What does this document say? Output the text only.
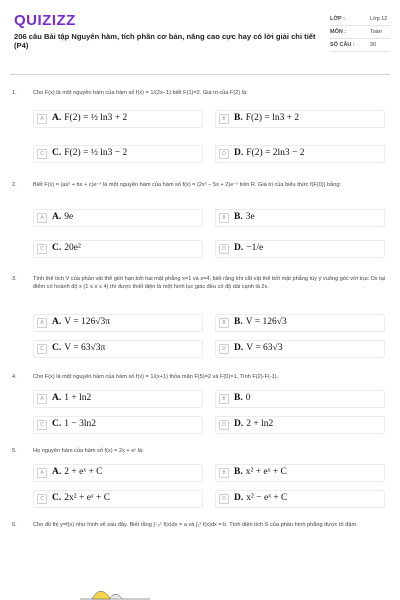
QUIZIZZ
206 câu Bài tập Nguyên hàm, tích phân cơ bản, nâng cao cực hay có lời giải chi tiết (P4)
LỚP :	Lớp 12
MÔN :	Toán
SỐ CÂU :	30
1.	Cho F(x) là một nguyên hàm của hàm số f(x) = 1/(2x−1) biết F(1)=2. Giá trị của F(2) là:
A A. F(2) = ½ ln3 + 2	B B. F(2) = ln3 + 2
C C. F(2) = ½ ln3 − 2	D D. F(2) = 2ln3 − 2
2.	Biết F(x) = (ax² + bx + c)e⁻ˣ là một nguyên hàm của hàm số f(x) = (2x² − 5x + 2)e⁻ˣ trên R. Giá trị của biểu thức f(F(0)) bằng:
A A. 9e	B B. 3e
C C. 20e²	D D. −1/e
3.	Tính thể tích V của phần vật thể giới hạn bởi hai mặt phẳng x=1 và x=4, biết rằng khi cắt vật thể bởi mặt phẳng tùy ý vuông góc với trục Ox tại điểm có hoành độ x (1 ≤ x ≤ 4) thì được thiết diện là một hình lục giác đều có độ dài cạnh là 2x.
A A. V = 126√3π	B B. V = 126√3
C C. V = 63√3π	D D. V = 63√3
4.	Cho F(x) là một nguyên hàm của hàm số f(x) = 1/(x+1) thỏa mãn F(5)=2 và F(0)=1. Tính F(2)-F(-1).
A A. 1 + ln2	B B. 0
C C. 1 − 3ln2	D D. 2 + ln2
5.	Họ nguyên hàm của hàm số f(x) = 2x + eˣ là:
A A. 2 + eˣ + C	B B. x² + eˣ + C
C C. 2x² + eˣ + C	D D. x² − eˣ + C
6.	Cho đồ thị y=f(x) như hình vẽ sau đây. Biết rằng ∫₋₂¹ f(x)dx = a và ∫₁² f(x)dx = b. Tính diện tích S của phần hình phẳng được tô đậm.
